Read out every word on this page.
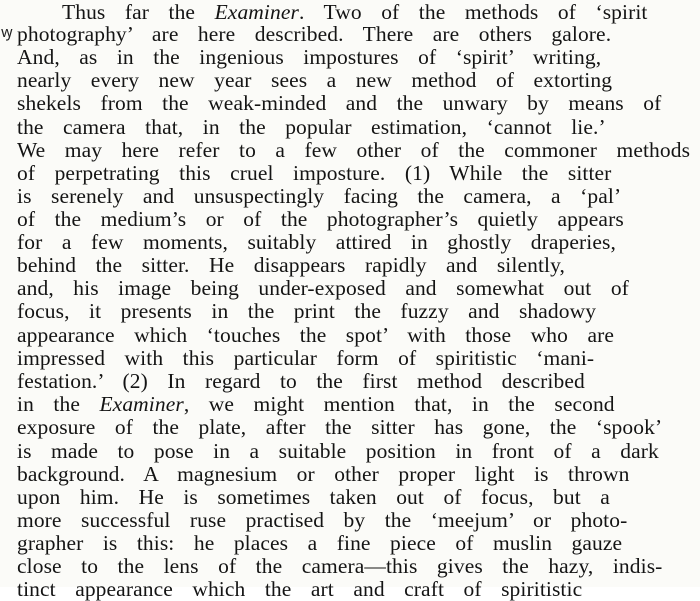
ꝡ
Thus far the Examiner. Two of the methods of ‘spirit
photography’ are here described. There are others galore.
And, as in the ingenious impostures of ‘spirit’ writing,
nearly every new year sees a new method of extorting
shekels from the weak-minded and the unwary by means of
the camera that, in the popular estimation, ‘cannot lie.’
We may here refer to a few other of the commoner methods
of perpetrating this cruel imposture. (1) While the sitter
is serenely and unsuspectingly facing the camera, a ‘pal’
of the medium’s or of the photographer’s quietly appears
for a few moments, suitably attired in ghostly draperies,
behind the sitter. He disappears rapidly and silently,
and, his image being under-exposed and somewhat out of
focus, it presents in the print the fuzzy and shadowy
appearance which ‘touches the spot’ with those who are
impressed with this particular form of spiritistic ‘mani-
festation.’ (2) In regard to the first method described
in the Examiner, we might mention that, in the second
exposure of the plate, after the sitter has gone, the ‘spook’
is made to pose in a suitable position in front of a dark
background. A magnesium or other proper light is thrown
upon him. He is sometimes taken out of focus, but a
more successful ruse practised by the ‘meejum’ or photo-
grapher is this: he places a fine piece of muslin gauze
close to the lens of the camera—this gives the hazy, indis-
tinct appearance which the art and craft of spiritistic
